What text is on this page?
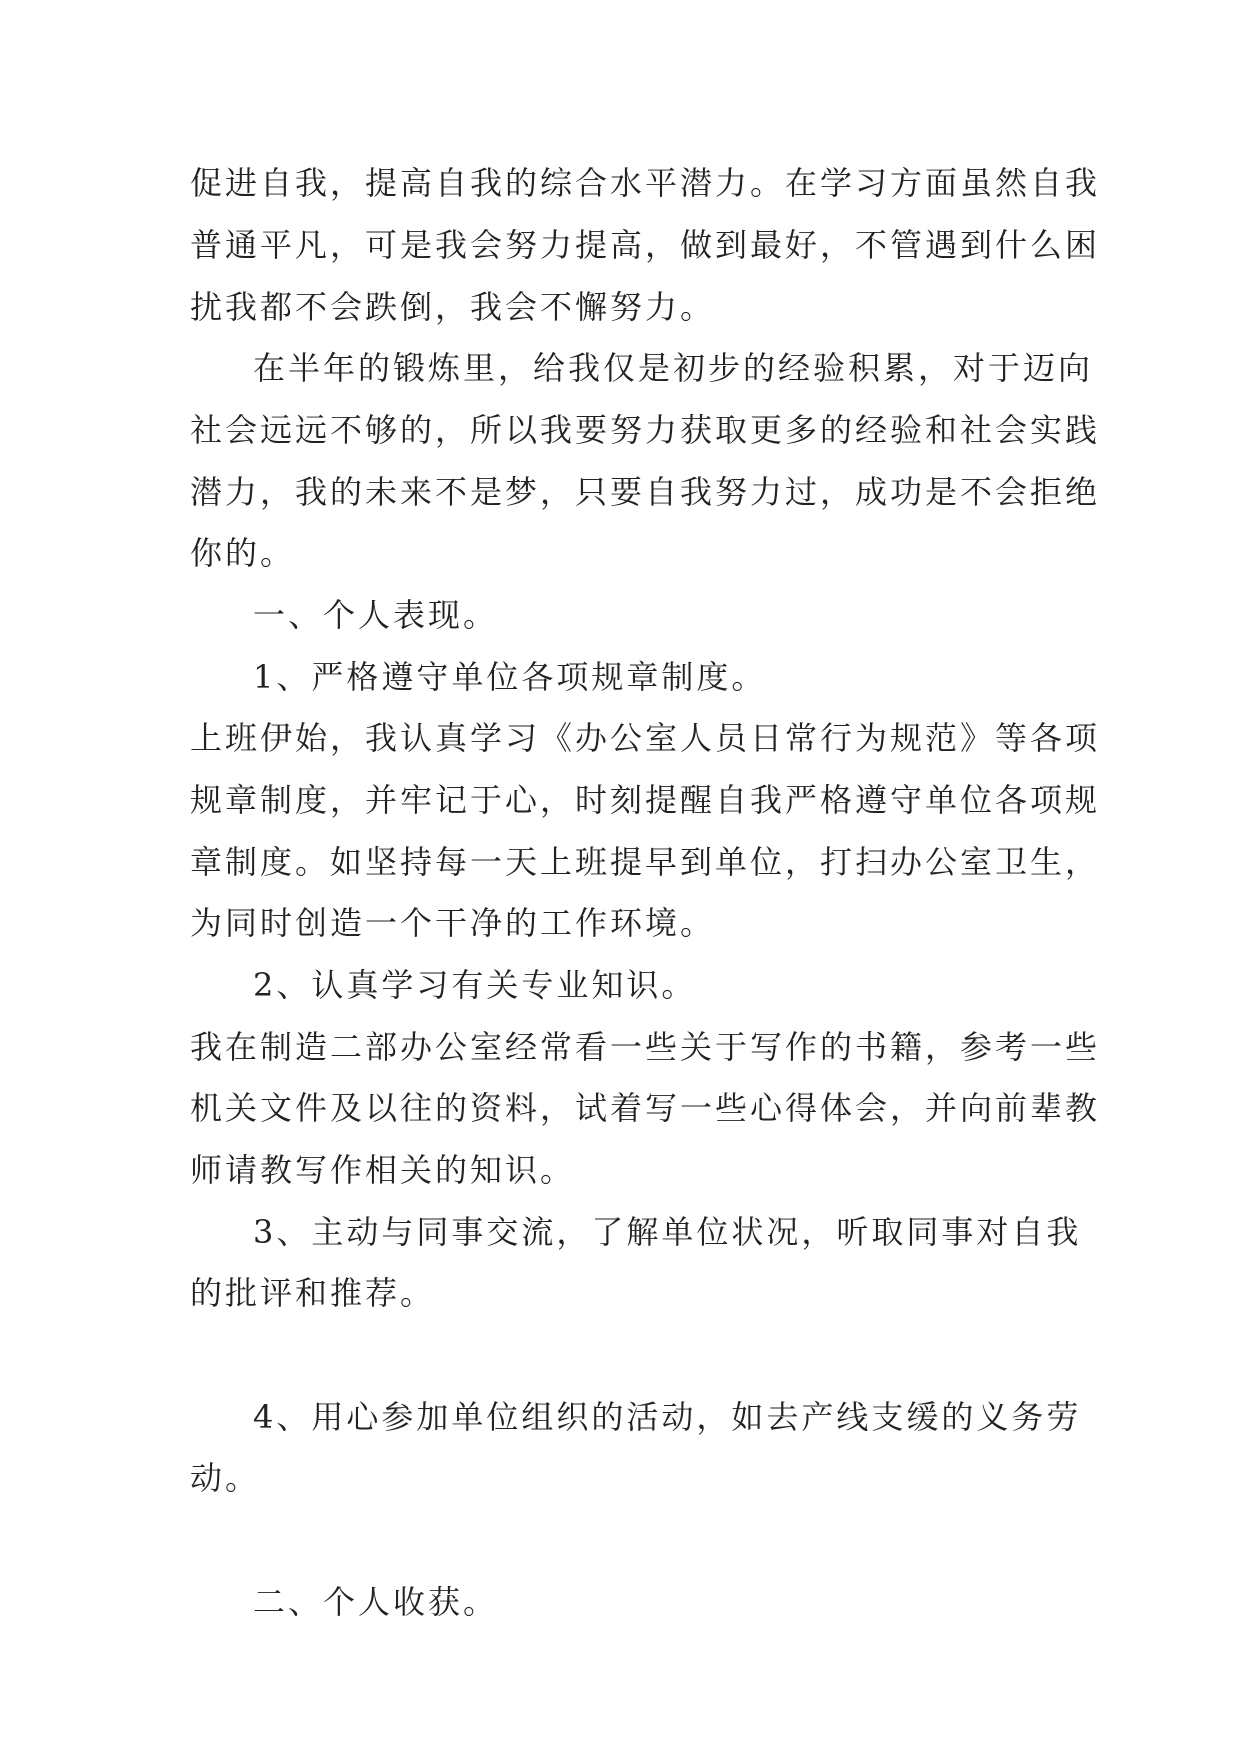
促进自我，提高自我的综合水平潜力。在学习方面虽然自我

普通平凡，可是我会努力提高，做到最好，不管遇到什么困

扰我都不会跌倒，我会不懈努力。

在半年的锻炼里，给我仅是初步的经验积累，对于迈向

社会远远不够的，所以我要努力获取更多的经验和社会实践

潜力，我的未来不是梦，只要自我努力过，成功是不会拒绝

你的。

一、个人表现。

1、严格遵守单位各项规章制度。

上班伊始，我认真学习《办公室人员日常行为规范》等各项

规章制度，并牢记于心，时刻提醒自我严格遵守单位各项规

章制度。如坚持每一天上班提早到单位，打扫办公室卫生，

为同时创造一个干净的工作环境。

2、认真学习有关专业知识。

我在制造二部办公室经常看一些关于写作的书籍，参考一些

机关文件及以往的资料，试着写一些心得体会，并向前辈教

师请教写作相关的知识。

3、主动与同事交流，了解单位状况，听取同事对自我

的批评和推荐。

4、用心参加单位组织的活动，如去产线支缓的义务劳

动。

二、个人收获。
